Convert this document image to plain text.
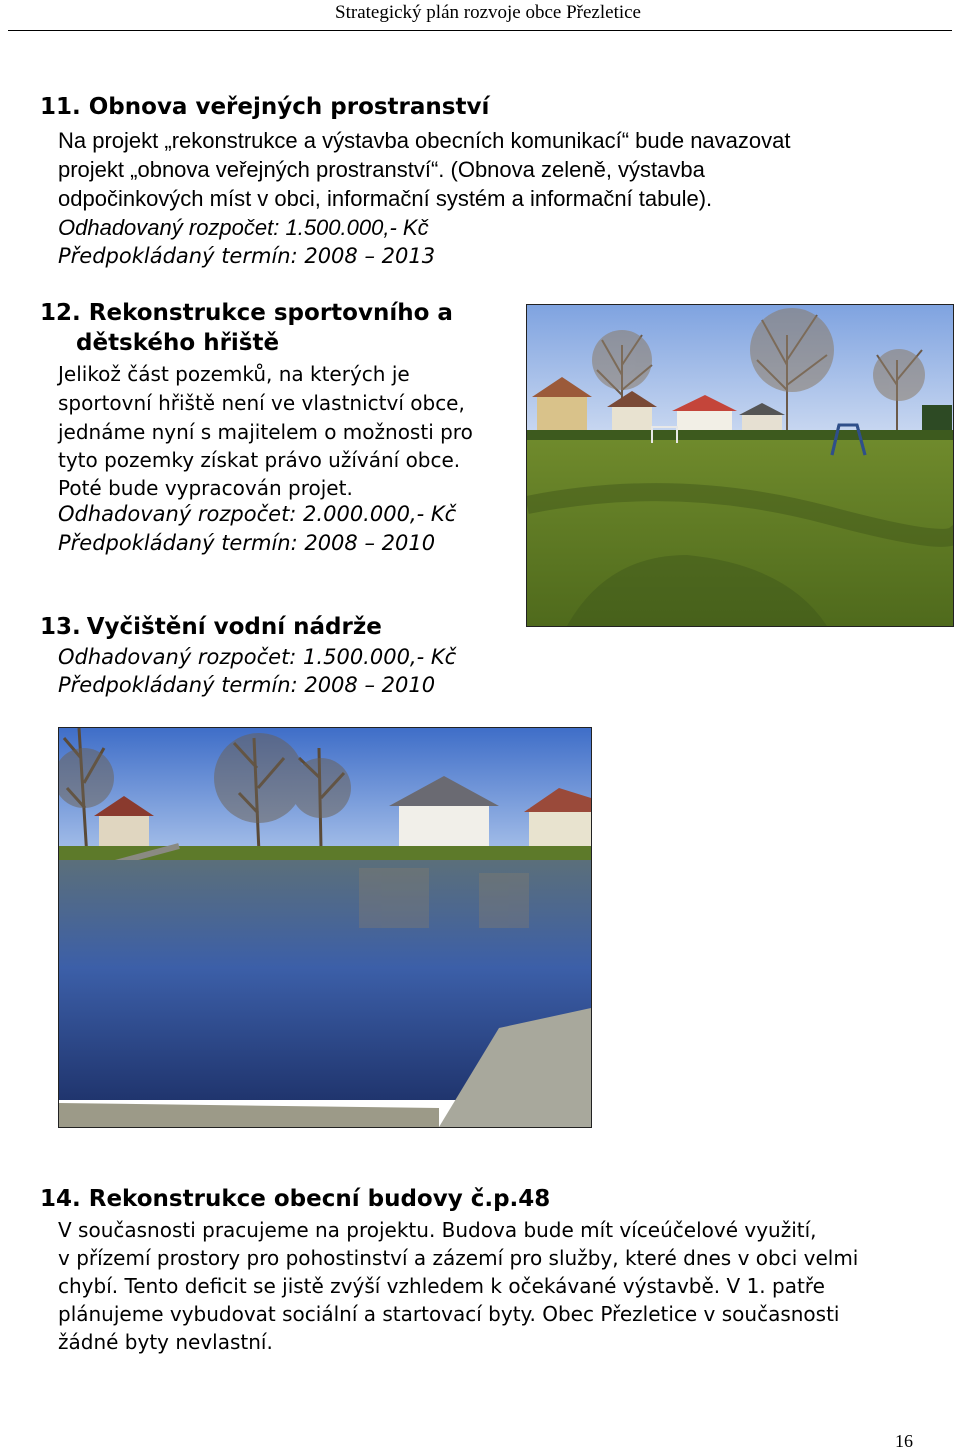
Strategický plán rozvoje obce Přezletice
11. Obnova veřejných prostranství
Na projekt „rekonstrukce a výstavba obecních komunikací“ bude navazovat
projekt „obnova veřejných prostranství“. (Obnova zeleně, výstavba
odpočinkových míst v obci, informační systém a informační tabule).
Odhadovaný rozpočet: 1.500.000,- Kč
Předpokládaný termín: 2008 – 2013
12. Rekonstrukce sportovního a
dětského hřiště
Jelikož část pozemků, na kterých je
sportovní hřiště není ve vlastnictví obce,
jednáme nyní s majitelem o možnosti pro
tyto pozemky získat právo užívání obce.
Poté bude vypracován projet.
Odhadovaný rozpočet: 2.000.000,- Kč
Předpokládaný termín: 2008 – 2010
13. Vyčištění vodní nádrže
Odhadovaný rozpočet: 1.500.000,- Kč
Předpokládaný termín: 2008 – 2010
14. Rekonstrukce obecní budovy č.p.48
V současnosti pracujeme na projektu. Budova bude mít víceúčelové využití,
v přízemí prostory pro pohostinství a zázemí pro služby, které dnes v obci velmi
chybí. Tento deficit se jistě zvýší vzhledem k očekávané výstavbě. V 1. patře
plánujeme vybudovat sociální a startovací byty. Obec Přezletice v současnosti
žádné byty nevlastní.
16
